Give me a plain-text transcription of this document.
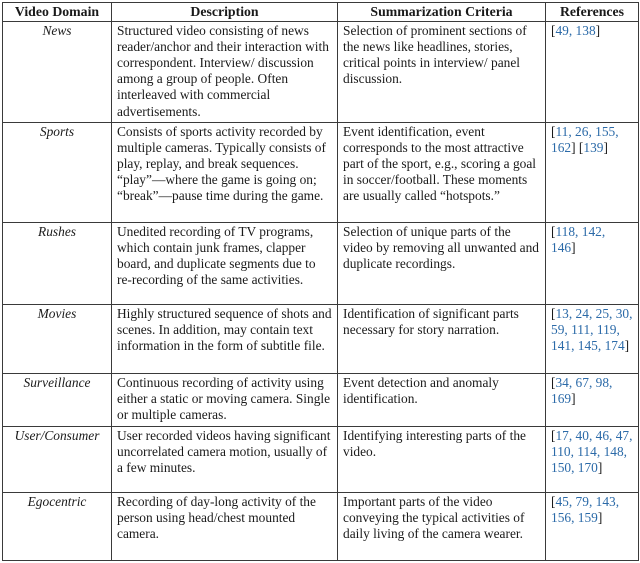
Video Domain	Description	Summarization Criteria	References
News	Structured video consisting of news reader/anchor and their interaction with correspondent. Interview/ discussion among a group of people. Often interleaved with commercial advertisements.	Selection of prominent sections of the news like headlines, stories, critical points in interview/ panel discussion.	[49, 138]
Sports	Consists of sports activity recorded by multiple cameras. Typically consists of play, replay, and break sequences. “play”—where the game is going on; “break”—pause time during the game.	Event identification, event corresponds to the most attractive part of the sport, e.g., scoring a goal in soccer/football. These moments are usually called “hotspots.”	[11, 26, 155, 162] [139]
Rushes	Unedited recording of TV programs, which contain junk frames, clapper board, and duplicate segments due to re-recording of the same activities.	Selection of unique parts of the video by removing all unwanted and duplicate recordings.	[118, 142, 146]
Movies	Highly structured sequence of shots and scenes. In addition, may contain text information in the form of subtitle file.	Identification of significant parts necessary for story narration.	[13, 24, 25, 30, 59, 111, 119, 141, 145, 174]
Surveillance	Continuous recording of activity using either a static or moving camera. Single or multiple cameras.	Event detection and anomaly identification.	[34, 67, 98, 169]
User/Consumer	User recorded videos having significant uncorrelated camera motion, usually of a few minutes.	Identifying interesting parts of the video.	[17, 40, 46, 47, 110, 114, 148, 150, 170]
Egocentric	Recording of day-long activity of the person using head/chest mounted camera.	Important parts of the video conveying the typical activities of daily living of the camera wearer.	[45, 79, 143, 156, 159]
